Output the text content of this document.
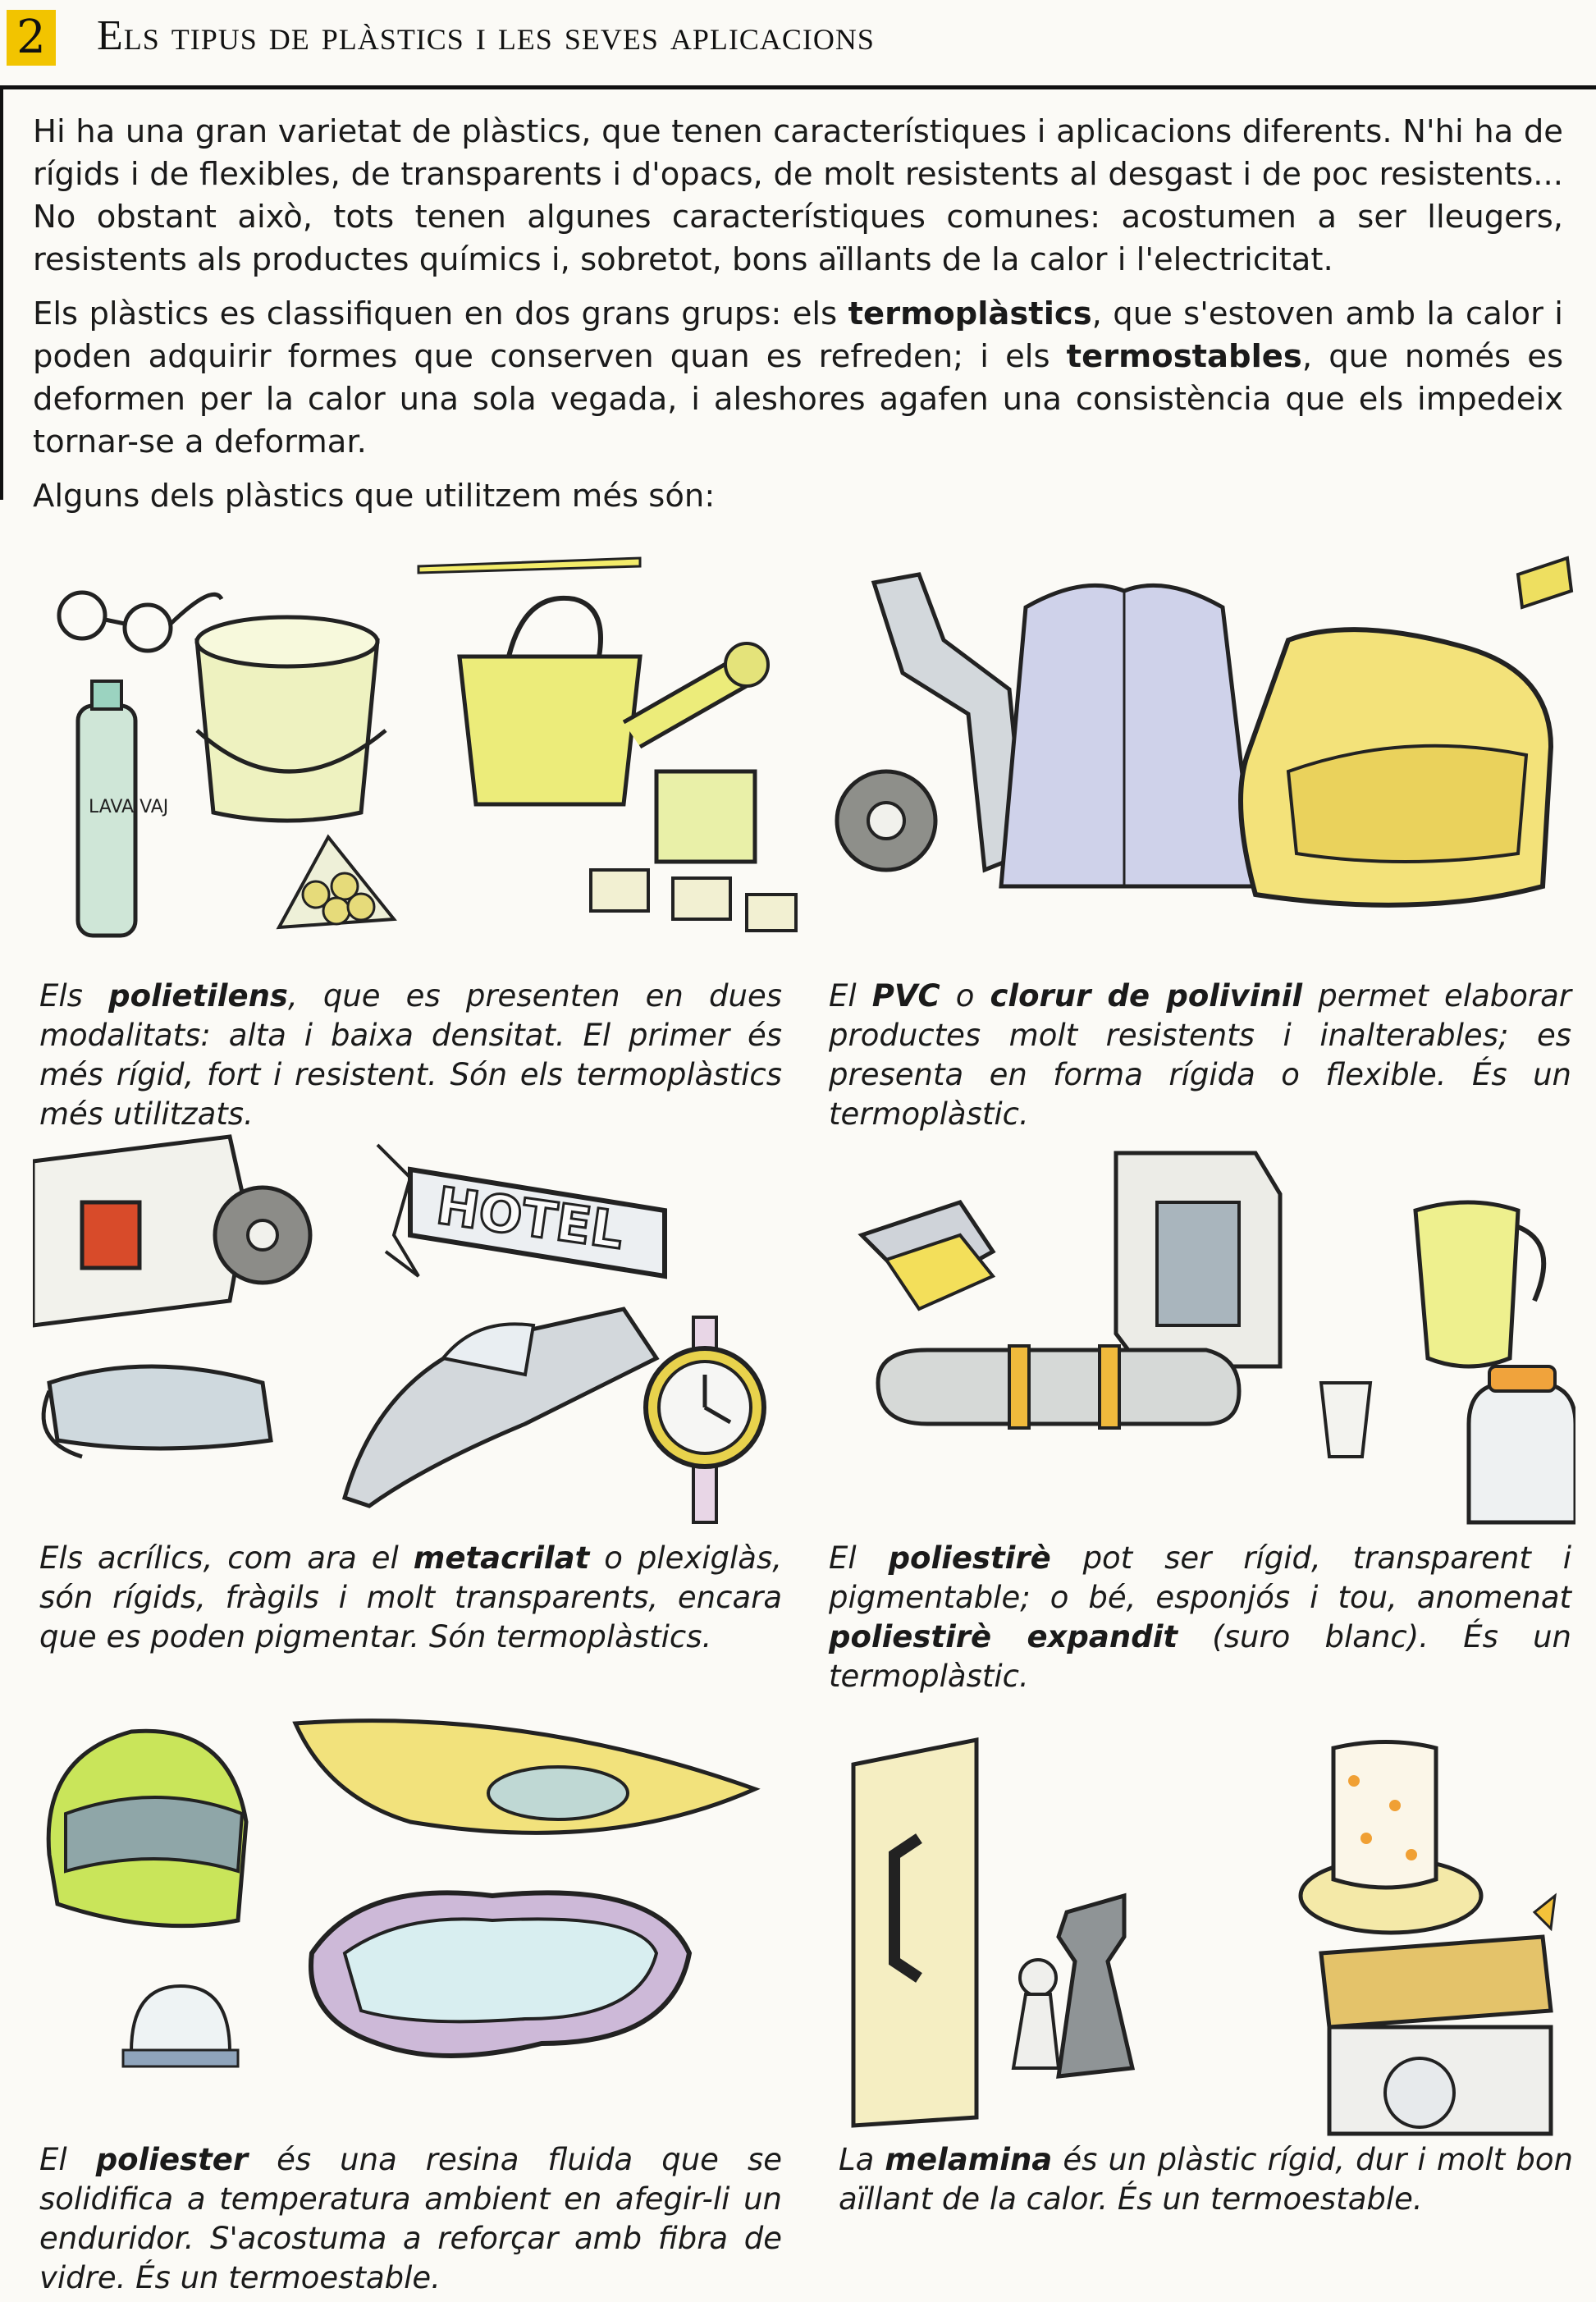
2 Els tipus de plàstics i les seves aplicacions

Hi ha una gran varietat de plàstics, que tenen característiques i aplicacions diferents. N'hi ha de rígids i de flexibles, de transparents i d'opacs, de molt resistents al desgast i de poc resistents... No obstant això, tots tenen algunes característiques comunes: acostumen a ser lleugers, resistents als productes químics i, sobretot, bons aïllants de la calor i l'electricitat.

Els plàstics es classifiquen en dos grans grups: els termoplàstics, que s'estoven amb la calor i poden adquirir formes que conserven quan es refreden; i els termostables, que només es deformen per la calor una sola vegada, i aleshores agafen una consistència que els impedeix tornar-se a deformar.

Alguns dels plàstics que utilitzem més són:

LAVA VAJ
Els polietilens, que es presenten en dues modalitats: alta i baixa densitat. El primer és més rígid, fort i resistent. Són els termoplàstics més utilitzats.
El PVC o clorur de polivinil permet elaborar productes molt resistents i inalterables; es presenta en forma rígida o flexible. És un termoplàstic.
HOTEL
Els acrílics, com ara el metacrilat o plexiglàs, són rígids, fràgils i molt transparents, encara que es poden pigmentar. Són termoplàstics.
El poliestirè pot ser rígid, transparent i pigmentable; o bé, esponjós i tou, anomenat poliestirè expandit (suro blanc). És un termoplàstic.
El poliester és una resina fluida que se solidifica a temperatura ambient en afegir-li un enduridor. S'acostuma a reforçar amb fibra de vidre. És un termoestable.
La melamina és un plàstic rígid, dur i molt bon aïllant de la calor. És un termoestable.
